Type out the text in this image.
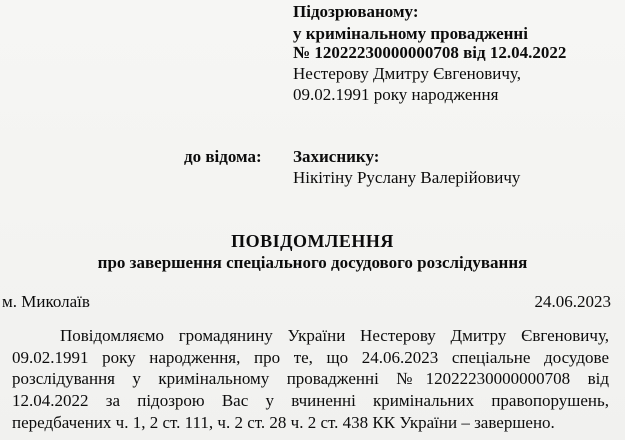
Підозрюваному:
у кримінальному провадженні
№ 12022230000000708 від 12.04.2022
Нестерову Дмитру Євгеновичу,
09.02.1991 року народження
до відома: Захиснику:
Нікітіну Руслану Валерійовичу
ПОВІДОМЛЕННЯ
про завершення спеціального досудового розслідування
м. Миколаїв	24.06.2023
Повідомляємо громадянину України Нестерову Дмитру Євгеновичу,
09.02.1991 року народження, про те, що 24.06.2023 спеціальне досудове
розслідування у кримінальному провадженні №12022230000000708 від
12.04.2022 за підозрою Вас у вчиненні кримінальних правопорушень,
передбачених ч. 1, 2 ст. 111, ч. 2 ст. 28 ч. 2 ст. 438 КК України – завершено.
